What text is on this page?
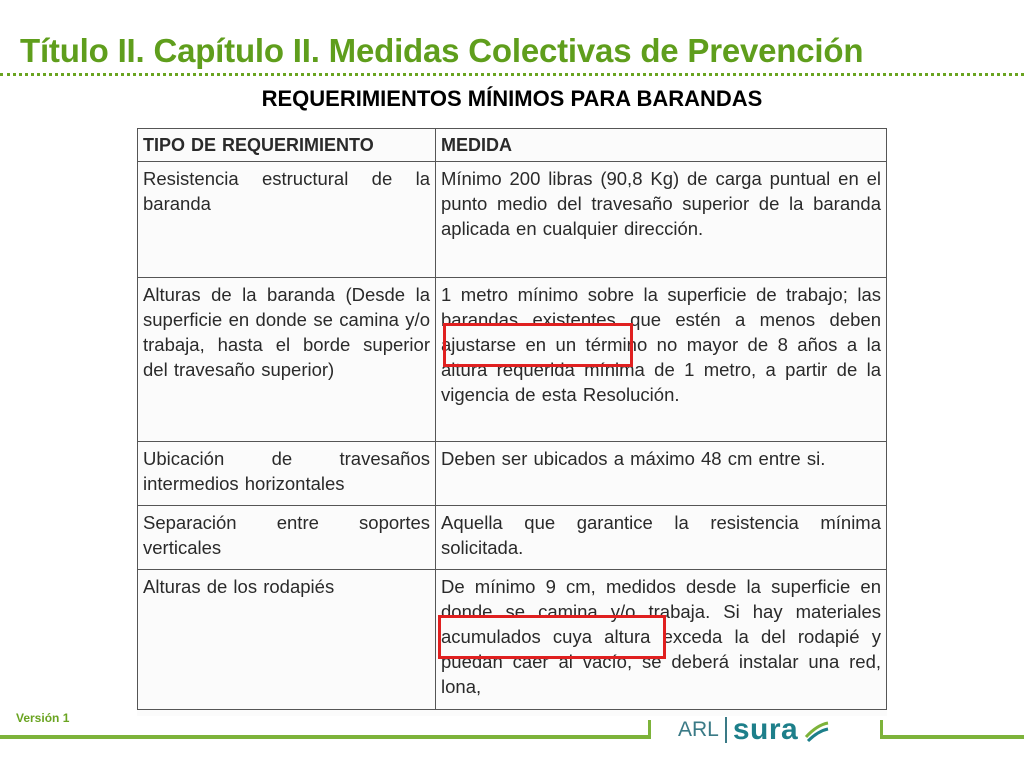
Título II. Capítulo II. Medidas Colectivas de Prevención
REQUERIMIENTOS MÍNIMOS PARA BARANDAS
TIPO DE REQUERIMIENTO	MEDIDA
Resistencia estructural de la baranda	Mínimo 200 libras (90,8 Kg) de carga puntual en el punto medio del travesaño superior de la baranda aplicada en cualquier dirección.
Alturas de la baranda (Desde la superficie en donde se camina y/o trabaja, hasta el borde superior del travesaño superior)	1 metro mínimo sobre la superficie de trabajo; las barandas existentes que estén a menos deben ajustarse en un término no mayor de 8 años a la altura requerida mínima de 1 metro, a partir de la vigencia de esta Resolución.
Ubicación de travesaños intermedios horizontales	Deben ser ubicados a máximo 48 cm entre si.
Separación entre soportes verticales	Aquella que garantice la resistencia mínima solicitada.
Alturas de los rodapiés	De mínimo 9 cm, medidos desde la superficie en donde se camina y/o trabaja. Si hay materiales acumulados cuya altura exceda la del rodapié y puedan caer al vacío, se deberá instalar una red, lona,
Versión 1	ARL sura
